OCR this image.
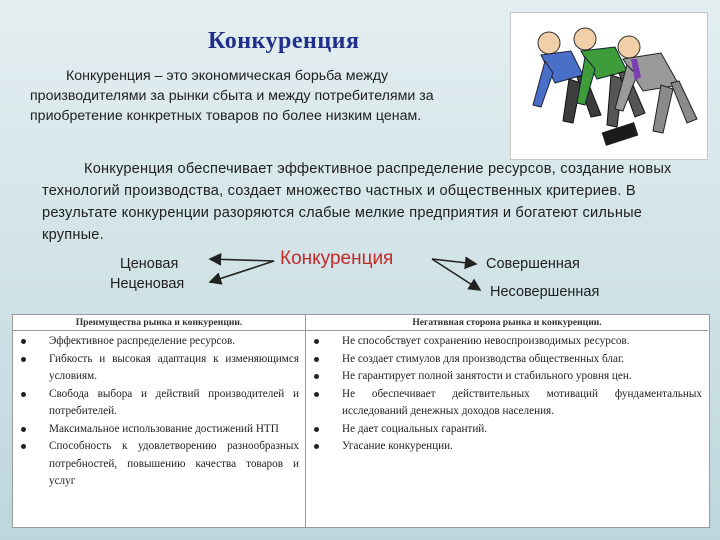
Конкуренция
Конкуренция – это экономическая борьба между производителями за рынки сбыта и между потребителями за приобретение конкретных товаров по более низким ценам.
Конкуренция обеспечивает эффективное распределение ресурсов, создание новых технологий производства, создает множество частных и общественных критериев. В результате конкуренции разоряются слабые мелкие предприятия и богатеют сильные крупные.
Конкуренция
Ценовая
Неценовая
Совершенная
Несовершенная
Преимущества рынка и конкуренции.
Эффективное распределение ресурсов.
Гибкость и высокая адаптация к изменяющимся условиям.
Свобода выбора и действий производителей и потребителей.
Максимальное использование достижений НТП
Способность к удовлетворению разнообразных потребностей, повышению качества товаров и услуг
Негативная сторона рынка и конкуренции.
Не способствует сохранению невоспроизводимых ресурсов.
Не создает стимулов для производства общественных благ.
Не гарантирует полной занятости и стабильного уровня цен.
Не обеспечивает действительных мотиваций фундаментальных исследований денежных доходов населения.
Не дает социальных гарантий.
Угасание конкуренции.
